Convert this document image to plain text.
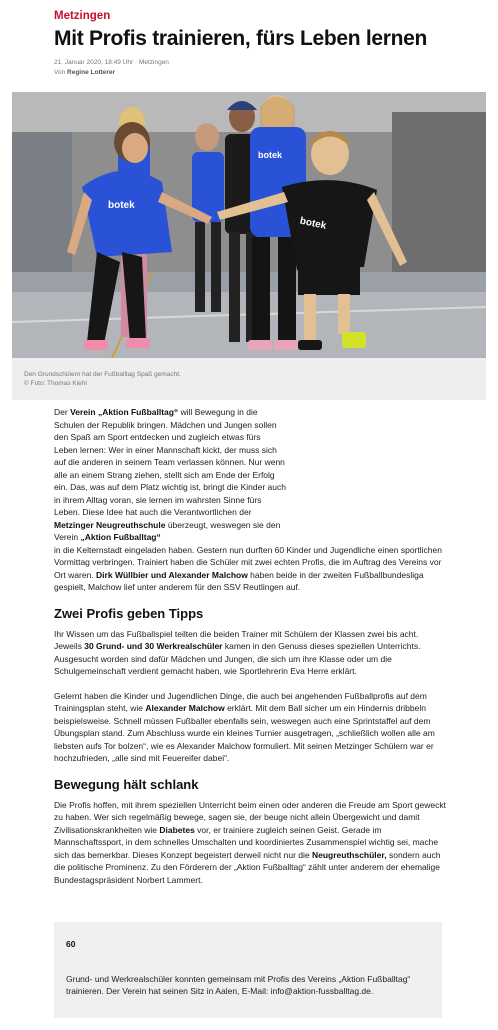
Metzingen
Mit Profis trainieren, fürs Leben lernen
21. Januar 2020, 18:49 Uhr · Metzingen
Von Regine Lotterer
botek
botek
botek
Den Grundschülern hat der Fußballtag Spaß gemacht.
© Foto: Thomas Kiehl

Der Verein „Aktion Fußballtag“ will Bewegung in die Schulen der Republik bringen. Mädchen und Jungen sollen den Spaß am Sport entdecken und zugleich etwas fürs Leben lernen: Wer in einer Mannschaft kickt, der muss sich auf die anderen in seinem Team verlassen können. Nur wenn alle an einem Strang ziehen, stellt sich am Ende der Erfolg ein. Das, was auf dem Platz wichtig ist, bringt die Kinder auch in ihrem Alltag voran, sie lernen im wahrsten Sinne fürs Leben. Diese Idee hat auch die Verantwortlichen der Metzinger Neugreuthschule überzeugt, weswegen sie den Verein „Aktion Fußballtag“

in die Kelternstadt eingeladen haben. Gestern nun durften 60 Kinder und Jugendliche einen sportlichen Vormittag verbringen. Trainiert haben die Schüler mit zwei echten Profis, die im Auftrag des Vereins vor Ort waren. Dirk Wüllbier und Alexander Malchow haben beide in der zweiten Fußballbundesliga gespielt, Malchow lief unter anderem für den SSV Reutlingen auf.

Zwei Profis geben Tipps

Ihr Wissen um das Fußballspiel teilten die beiden Trainer mit Schülern der Klassen zwei bis acht. Jeweils 30 Grund- und 30 Werkrealschüler kamen in den Genuss dieses speziellen Unterrichts. Ausgesucht worden sind dafür Mädchen und Jungen, die sich um ihre Klasse oder um die Schulgemeinschaft verdient gemacht haben, wie Sportlehrerin Eva Herre erklärt.

Gelernt haben die Kinder und Jugendlichen Dinge, die auch bei angehenden Fußballprofis auf dem Trainingsplan steht, wie Alexander Malchow erklärt. Mit dem Ball sicher um ein Hindernis dribbeln beispielsweise. Schnell müssen Fußballer ebenfalls sein, weswegen auch eine Sprintstaffel auf dem Übungsplan stand. Zum Abschluss wurde ein kleines Turnier ausgetragen, „schließlich wollen alle am liebsten aufs Tor bolzen“, wie es Alexander Malchow formuliert. Mit seinen Metzinger Schülern war er hochzufrieden, „alle sind mit Feuereifer dabei“.

Bewegung hält schlank

Die Profis hoffen, mit ihrem speziellen Unterricht beim einen oder anderen die Freude am Sport geweckt zu haben. Wer sich regelmäßig bewege, sagen sie, der beuge nicht allein Übergewicht und damit Zivilisationskrankheiten wie Diabetes vor, er trainiere zugleich seinen Geist. Gerade im Mannschaftssport, in dem schnelles Umschalten und koordiniertes Zusammenspiel wichtig sei, mache sich das bemerkbar. Dieses Konzept begeistert derweil nicht nur die Neugreuthschüler, sondern auch die politische Prominenz. Zu den Förderern der „Aktion Fußballtag“ zählt unter anderem der ehemalige Bundestagspräsident Norbert Lammert.

60
Grund- und Werkrealschüler konnten gemeinsam mit Profis des Vereins „Aktion Fußballtag“ trainieren. Der Verein hat seinen Sitz in Aalen, E-Mail: info@aktion-fussballtag.de.
